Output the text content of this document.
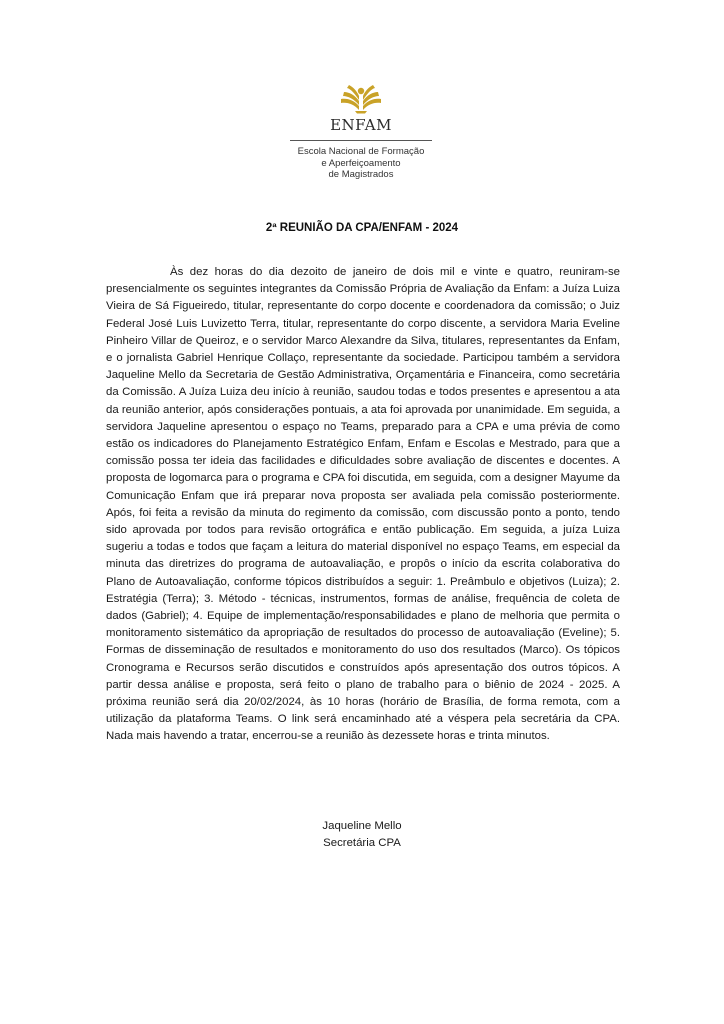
ENFAM
Escola Nacional de Formação
e Aperfeiçoamento
de Magistrados
2ª REUNIÃO DA CPA/ENFAM - 2024

Às dez horas do dia dezoito de janeiro de dois mil e vinte e quatro, reuniram-se presencialmente os seguintes integrantes da Comissão Própria de Avaliação da Enfam: a Juíza Luiza Vieira de Sá Figueiredo, titular, representante do corpo docente e coordenadora da comissão; o Juiz Federal José Luis Luvizetto Terra, titular, representante do corpo discente, a servidora Maria Eveline Pinheiro Villar de Queiroz, e o servidor Marco Alexandre da Silva, titulares, representantes da Enfam, e o jornalista Gabriel Henrique Collaço, representante da sociedade. Participou também a servidora Jaqueline Mello da Secretaria de Gestão Administrativa, Orçamentária e Financeira, como secretária da Comissão. A Juíza Luiza deu início à reunião, saudou todas e todos presentes e apresentou a ata da reunião anterior, após considerações pontuais, a ata foi aprovada por unanimidade. Em seguida, a servidora Jaqueline apresentou o espaço no Teams, preparado para a CPA e uma prévia de como estão os indicadores do Planejamento Estratégico Enfam, Enfam e Escolas e Mestrado, para que a comissão possa ter ideia das facilidades e dificuldades sobre avaliação de discentes e docentes. A proposta de logomarca para o programa e CPA foi discutida, em seguida, com a designer Mayume da Comunicação Enfam que irá preparar nova proposta ser avaliada pela comissão posteriormente. Após, foi feita a revisão da minuta do regimento da comissão, com discussão ponto a ponto, tendo sido aprovada por todos para revisão ortográfica e então publicação. Em seguida, a juíza Luiza sugeriu a todas e todos que façam a leitura do material disponível no espaço Teams, em especial da minuta das diretrizes do programa de autoavaliação, e propôs o início da escrita colaborativa do Plano de Autoavaliação, conforme tópicos distribuídos a seguir: 1. Preâmbulo e objetivos (Luiza); 2. Estratégia (Terra); 3. Método - técnicas, instrumentos, formas de análise, frequência de coleta de dados (Gabriel); 4. Equipe de implementação/responsabilidades e plano de melhoria que permita o monitoramento sistemático da apropriação de resultados do processo de autoavaliação (Eveline); 5. Formas de disseminação de resultados e monitoramento do uso dos resultados (Marco). Os tópicos Cronograma e Recursos serão discutidos e construídos após apresentação dos outros tópicos. A partir dessa análise e proposta, será feito o plano de trabalho para o biênio de 2024 - 2025. A próxima reunião será dia 20/02/2024, às 10 horas (horário de Brasília, de forma remota, com a utilização da plataforma Teams. O link será encaminhado até a véspera pela secretária da CPA. Nada mais havendo a tratar, encerrou-se a reunião às dezessete horas e trinta minutos.

Jaqueline Mello
Secretária CPA
